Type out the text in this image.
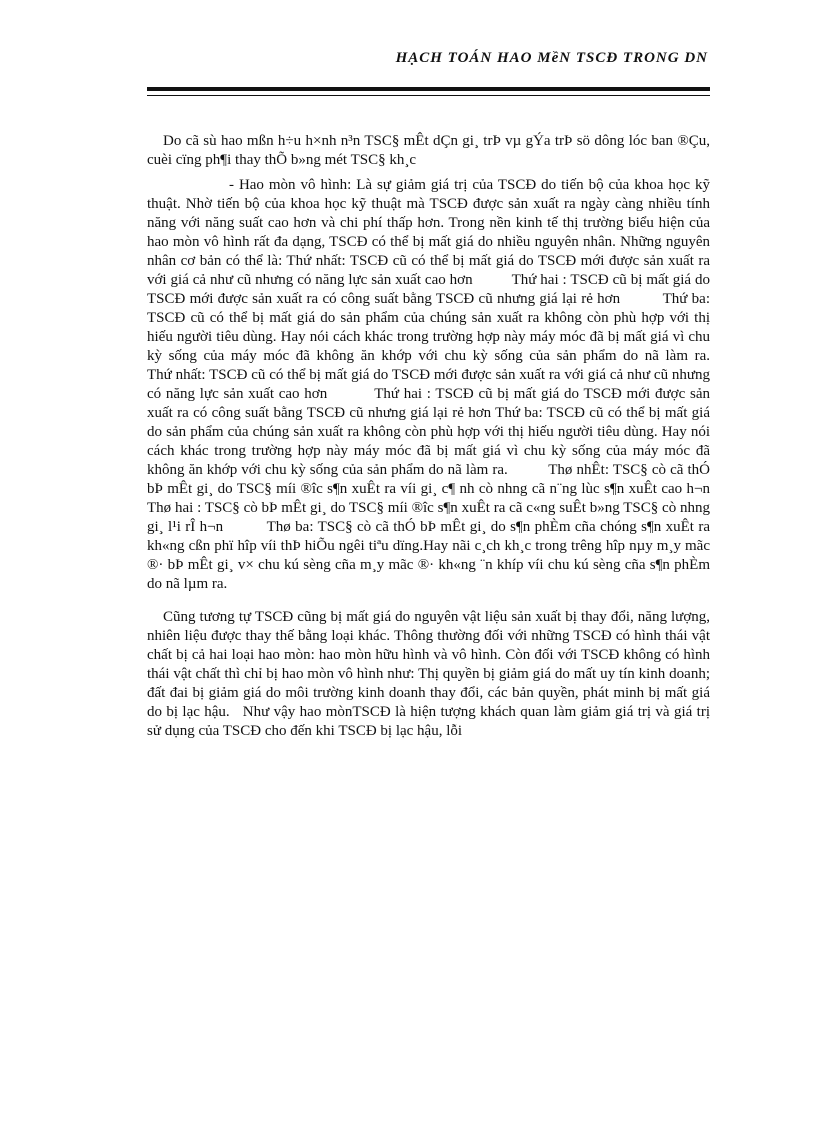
HẠCH TOÁN HAO MềN TSCĐ TRONG DN

Do cã sù hao mßn h÷u h×nh n³n TSC§ mÊt dÇn gi¸ trÞ vµ gÝa trÞ sö dông lóc ban ®Çu, cuèi cïng ph¶i thay thÕ b»ng mét TSC§ kh¸c

- Hao mòn vô hình: Là sự giảm giá trị của TSCĐ do tiến bộ của khoa học kỹ thuật. Nhờ tiến bộ của khoa học kỹ thuật mà TSCĐ được sản xuất ra ngày càng nhiều tính năng với năng suất cao hơn và chi phí thấp hơn. Trong nền kinh tế thị trường biểu hiện của hao mòn vô hình rất đa dạng, TSCĐ có thể bị mất giá do nhiều nguyên nhân. Những nguyên nhân cơ bản có thể là: Thứ nhất: TSCĐ cũ có thể bị mất giá do TSCĐ mới được sản xuất ra với giá cả như cũ nhưng có năng lực sản xuất cao hơn          Thứ hai : TSCĐ cũ bị mất giá do TSCĐ mới được sản xuất ra có công suất bằng TSCĐ cũ nhưng giá lại rẻ hơn          Thứ ba: TSCĐ cũ có thể bị mất giá do sản phẩm của chúng sản xuất ra không còn phù hợp với thị hiếu người tiêu dùng. Hay nói cách khác trong trường hợp này máy móc đã bị mất giá vì chu kỳ sống của máy móc đã không ăn khớp với chu kỳ sống của sản phẩm do nã làm ra.          Thứ nhất: TSCĐ cũ có thể bị mất giá do TSCĐ mới được sản xuất ra với giá cả như cũ nhưng có năng lực sản xuất cao hơn          Thứ hai : TSCĐ cũ bị mất giá do TSCĐ mới được sản xuất ra có công suất bằng TSCĐ cũ nhưng giá lại rẻ hơn Thứ ba: TSCĐ cũ có thể bị mất giá do sản phẩm của chúng sản xuất ra không còn phù hợp với thị hiếu người tiêu dùng. Hay nói cách khác trong trường hợp này máy móc đã bị mất giá vì chu kỳ sống của máy móc đã không ăn khớp với chu kỳ sống của sản phẩm do nã làm ra.          Thø nhÊt: TSC§ cò cã thÓ bÞ mÊt gi¸ do TSC§ míi ®îc s¶n xuÊt ra víi gi¸ c¶ nh cò nhng cã n¨ng lùc s¶n xuÊt cao h¬n          Thø hai : TSC§ cò bÞ mÊt gi¸ do TSC§ míi ®îc s¶n xuÊt ra cã c«ng suÊt b»ng TSC§ cò nhng gi¸ l¹i rÎ h¬n          Thø ba: TSC§ cò cã thÓ bÞ mÊt gi¸ do s¶n phÈm cña chóng s¶n xuÊt ra kh«ng cßn phï hîp víi thÞ hiÕu ngêi tiªu dïng.Hay nãi c¸ch kh¸c trong trêng hîp nµy m¸y mãc ®· bÞ mÊt gi¸ v× chu kú sèng cña m¸y mãc ®· kh«ng ¨n khíp víi chu kú sèng cña s¶n phÈm do nã lµm ra.

Cũng tương tự TSCĐ cũng bị mất giá do nguyên vật liệu sản xuất bị thay đổi, năng lượng, nhiên liệu được thay thế bằng loại khác. Thông thường đối với những TSCĐ có hình thái vật chất bị cả hai loại hao mòn: hao mòn hữu hình và vô hình. Còn đối với TSCĐ không có hình thái vật chất thì chỉ bị hao mòn vô hình như: Thị quyền bị giảm giá do mất uy tín kinh doanh; đất đai bị giảm giá do môi trường kinh doanh thay đổi, các bản quyền, phát minh bị mất giá do bị lạc hậu.   Như vậy hao mònTSCĐ là hiện tượng khách quan làm giảm giá trị và giá trị sử dụng của TSCĐ cho đến khi TSCĐ bị lạc hậu, lỗi
